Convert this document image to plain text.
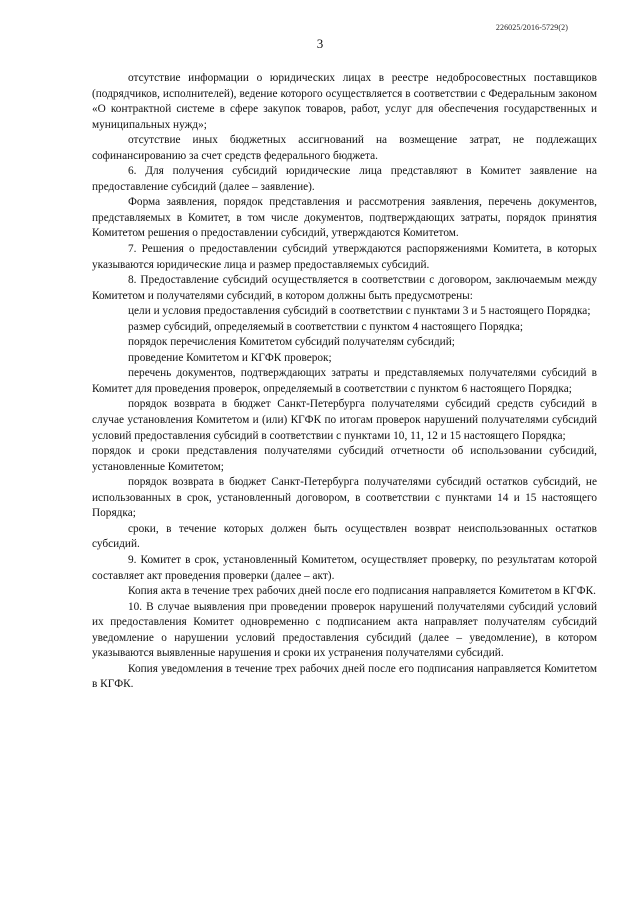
226025/2016-5729(2)
3

отсутствие информации о юридических лицах в реестре недобросовестных поставщиков (подрядчиков, исполнителей), ведение которого осуществляется в соответствии с Федеральным законом «О контрактной системе в сфере закупок товаров, работ, услуг для обеспечения государственных и муниципальных нужд»;

отсутствие иных бюджетных ассигнований на возмещение затрат, не подлежащих софинансированию за счет средств федерального бюджета.

6. Для получения субсидий юридические лица представляют в Комитет заявление на предоставление субсидий (далее – заявление).

Форма заявления, порядок представления и рассмотрения заявления, перечень документов, представляемых в Комитет, в том числе документов, подтверждающих затраты, порядок принятия Комитетом решения о предоставлении субсидий, утверждаются Комитетом.

7. Решения о предоставлении субсидий утверждаются распоряжениями Комитета, в которых указываются юридические лица и размер предоставляемых субсидий.

8. Предоставление субсидий осуществляется в соответствии с договором, заключаемым между Комитетом и получателями субсидий, в котором должны быть предусмотрены:

цели и условия предоставления субсидий в соответствии с пунктами 3 и 5 настоящего Порядка;

размер субсидий, определяемый в соответствии с пунктом 4 настоящего Порядка;

порядок перечисления Комитетом субсидий получателям субсидий;

проведение Комитетом и КГФК проверок;

перечень документов, подтверждающих затраты и представляемых получателями субсидий в Комитет для проведения проверок, определяемый в соответствии с пунктом 6 настоящего Порядка;

порядок возврата в бюджет Санкт-Петербурга получателями субсидий средств субсидий в случае установления Комитетом и (или) КГФК по итогам проверок нарушений получателями субсидий условий предоставления субсидий в соответствии с пунктами 10, 11, 12 и 15 настоящего Порядка;

порядок и сроки представления получателями субсидий отчетности об использовании субсидий, установленные Комитетом;

порядок возврата в бюджет Санкт-Петербурга получателями субсидий остатков субсидий, не использованных в срок, установленный договором, в соответствии с пунктами 14 и 15 настоящего Порядка;

сроки, в течение которых должен быть осуществлен возврат неиспользованных остатков субсидий.

9. Комитет в срок, установленный Комитетом, осуществляет проверку, по результатам которой составляет акт проведения проверки (далее – акт).

Копия акта в течение трех рабочих дней после его подписания направляется Комитетом в КГФК.

10. В случае выявления при проведении проверок нарушений получателями субсидий условий их предоставления Комитет одновременно с подписанием акта направляет получателям субсидий уведомление о нарушении условий предоставления субсидий (далее – уведомление), в котором указываются выявленные нарушения и сроки их устранения получателями субсидий.

Копия уведомления в течение трех рабочих дней после его подписания направляется Комитетом в КГФК.
